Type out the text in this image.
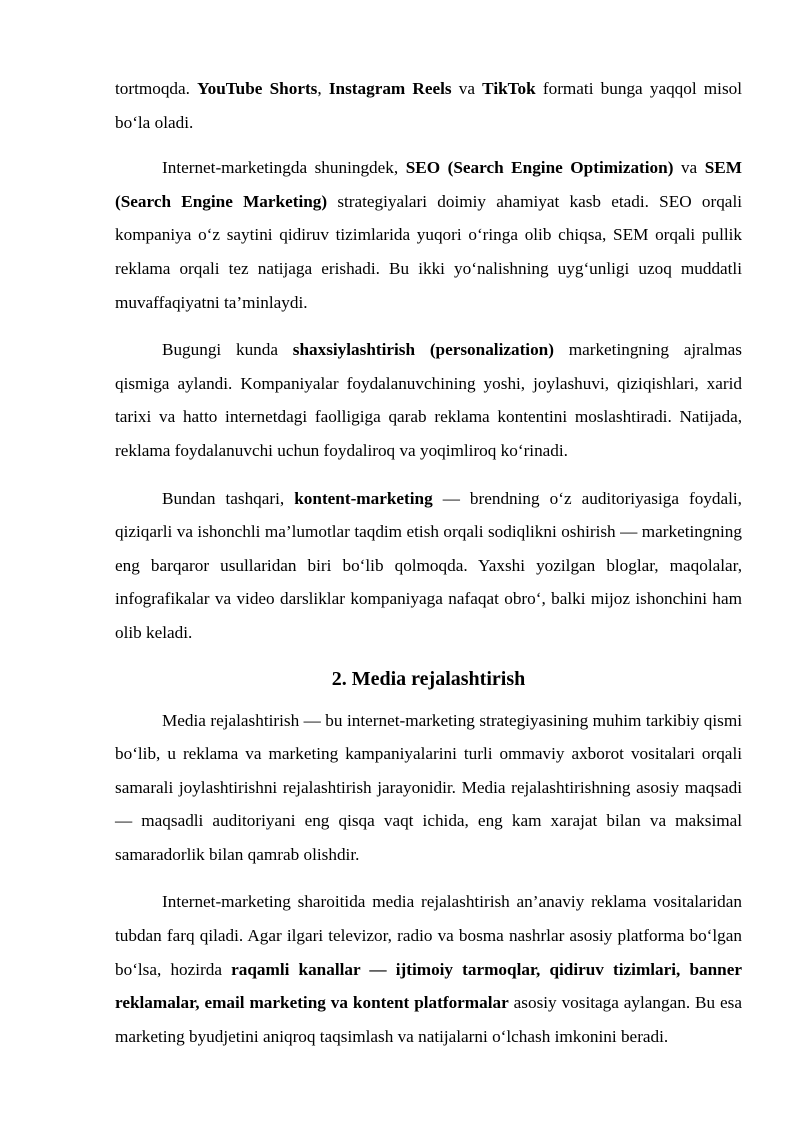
tortmoqda. YouTube Shorts, Instagram Reels va TikTok formati bunga yaqqol misol bo‘la oladi.

Internet-marketingda shuningdek, SEO (Search Engine Optimization) va SEM (Search Engine Marketing) strategiyalari doimiy ahamiyat kasb etadi. SEO orqali kompaniya o‘z saytini qidiruv tizimlarida yuqori o‘ringa olib chiqsa, SEM orqali pullik reklama orqali tez natijaga erishadi. Bu ikki yo‘nalishning uyg‘unligi uzoq muddatli muvaffaqiyatni ta’minlaydi.

Bugungi kunda shaxsiylashtirish (personalization) marketingning ajralmas qismiga aylandi. Kompaniyalar foydalanuvchining yoshi, joylashuvi, qiziqishlari, xarid tarixi va hatto internetdagi faolligiga qarab reklama kontentini moslashtiradi. Natijada, reklama foydalanuvchi uchun foydaliroq va yoqimliroq ko‘rinadi.

Bundan tashqari, kontent-marketing — brendning o‘z auditoriyasiga foydali, qiziqarli va ishonchli ma’lumotlar taqdim etish orqali sodiqlikni oshirish — marketingning eng barqaror usullaridan biri bo‘lib qolmoqda. Yaxshi yozilgan bloglar, maqolalar, infografikalar va video darsliklar kompaniyaga nafaqat obro‘, balki mijoz ishonchini ham olib keladi.

2. Media rejalashtirish

Media rejalashtirish — bu internet-marketing strategiyasining muhim tarkibiy qismi bo‘lib, u reklama va marketing kampaniyalarini turli ommaviy axborot vositalari orqali samarali joylashtirishni rejalashtirish jarayonidir. Media rejalashtirishning asosiy maqsadi — maqsadli auditoriyani eng qisqa vaqt ichida, eng kam xarajat bilan va maksimal samaradorlik bilan qamrab olishdir.

Internet-marketing sharoitida media rejalashtirish an’anaviy reklama vositalaridan tubdan farq qiladi. Agar ilgari televizor, radio va bosma nashrlar asosiy platforma bo‘lgan bo‘lsa, hozirda raqamli kanallar — ijtimoiy tarmoqlar, qidiruv tizimlari, banner reklamalar, email marketing va kontent platformalar asosiy vositaga aylangan. Bu esa marketing byudjetini aniqroq taqsimlash va natijalarni o‘lchash imkonini beradi.
